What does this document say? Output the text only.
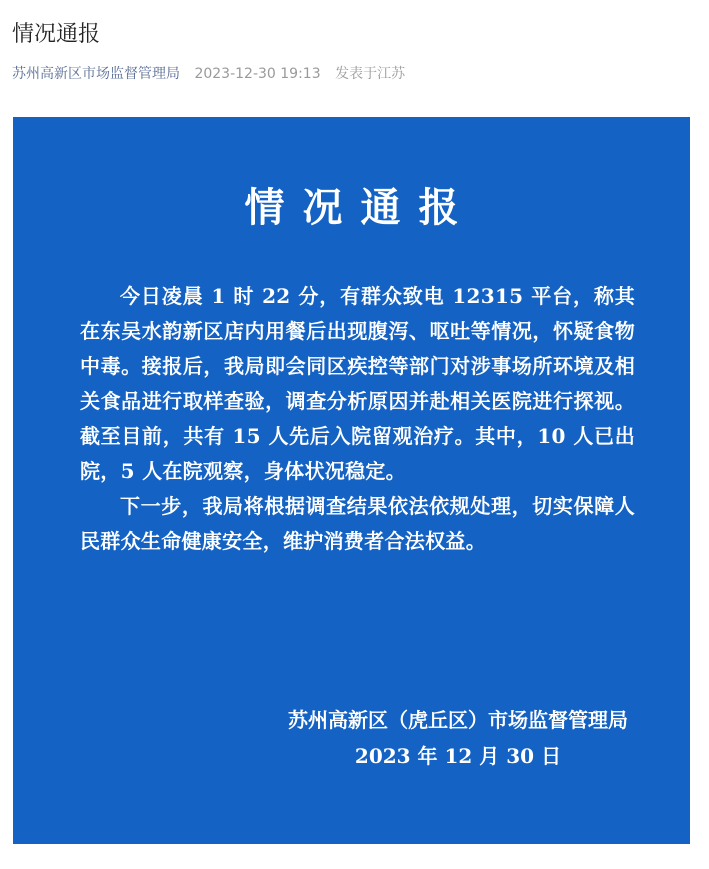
情况通报
苏州高新区市场监督管理局 2023-12-30 19:13 发表于江苏
情况通报

今日凌晨 1 时 22 分，有群众致电 12315 平台，称其在东吴水韵新区店内用餐后出现腹泻、呕吐等情况，怀疑食物中毒。接报后，我局即会同区疾控等部门对涉事场所环境及相关食品进行取样查验，调查分析原因并赴相关医院进行探视。截至目前，共有 15 人先后入院留观治疗。其中，10 人已出院，5 人在院观察，身体状况稳定。

下一步，我局将根据调查结果依法依规处理，切实保障人民群众生命健康安全，维护消费者合法权益。

苏州高新区（虎丘区）市场监督管理局
2023 年 12 月 30 日
